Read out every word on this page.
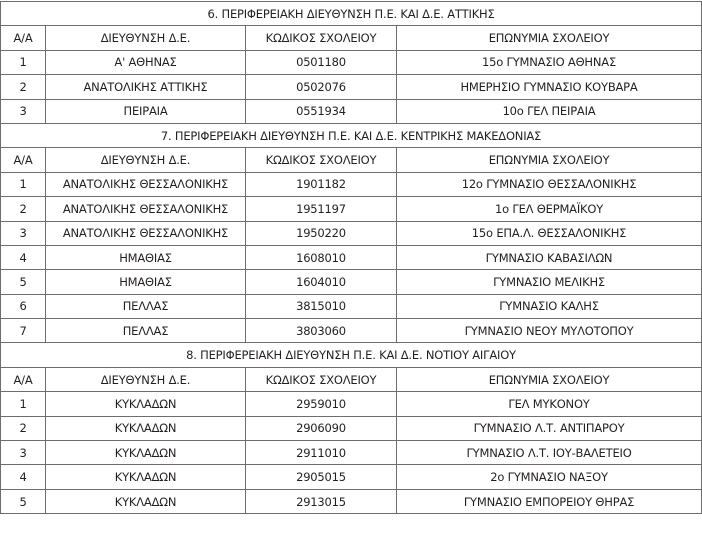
6. ΠΕΡΙΦΕΡΕΙΑΚΗ ΔΙΕΥΘΥΝΣΗ Π.Ε. ΚΑΙ Δ.Ε. ΑΤΤΙΚΗΣ			
Α/Α	ΔΙΕΥΘΥΝΣΗ Δ.Ε.	ΚΩΔΙΚΟΣ ΣΧΟΛΕΙΟΥ	ΕΠΩΝΥΜΙΑ ΣΧΟΛΕΙΟΥ
1	Α' ΑΘΗΝΑΣ	0501180	15ο ΓΥΜΝΑΣΙΟ ΑΘΗΝΑΣ
2	ΑΝΑΤΟΛΙΚΗΣ ΑΤΤΙΚΗΣ	0502076	ΗΜΕΡΗΣΙΟ ΓΥΜΝΑΣΙΟ ΚΟΥΒΑΡΑ
3	ΠΕΙΡΑΙΑ	0551934	10ο ΓΕΛ ΠΕΙΡΑΙΑ
7. ΠΕΡΙΦΕΡΕΙΑΚΗ ΔΙΕΥΘΥΝΣΗ Π.Ε. ΚΑΙ Δ.Ε. ΚΕΝΤΡΙΚΗΣ ΜΑΚΕΔΟΝΙΑΣ			
Α/Α	ΔΙΕΥΘΥΝΣΗ Δ.Ε.	ΚΩΔΙΚΟΣ ΣΧΟΛΕΙΟΥ	ΕΠΩΝΥΜΙΑ ΣΧΟΛΕΙΟΥ
1	ΑΝΑΤΟΛΙΚΗΣ ΘΕΣΣΑΛΟΝΙΚΗΣ	1901182	12ο ΓΥΜΝΑΣΙΟ ΘΕΣΣΑΛΟΝΙΚΗΣ
2	ΑΝΑΤΟΛΙΚΗΣ ΘΕΣΣΑΛΟΝΙΚΗΣ	1951197	1ο ΓΕΛ ΘΕΡΜΑΪΚΟΥ
3	ΑΝΑΤΟΛΙΚΗΣ ΘΕΣΣΑΛΟΝΙΚΗΣ	1950220	15ο ΕΠΑ.Λ. ΘΕΣΣΑΛΟΝΙΚΗΣ
4	ΗΜΑΘΙΑΣ	1608010	ΓΥΜΝΑΣΙΟ ΚΑΒΑΣΙΛΩΝ
5	ΗΜΑΘΙΑΣ	1604010	ΓΥΜΝΑΣΙΟ ΜΕΛΙΚΗΣ
6	ΠΕΛΛΑΣ	3815010	ΓΥΜΝΑΣΙΟ ΚΑΛΗΣ
7	ΠΕΛΛΑΣ	3803060	ΓΥΜΝΑΣΙΟ ΝΕΟΥ ΜΥΛΟΤΟΠΟΥ
8. ΠΕΡΙΦΕΡΕΙΑΚΗ ΔΙΕΥΘΥΝΣΗ Π.Ε. ΚΑΙ Δ.Ε. ΝΟΤΙΟΥ ΑΙΓΑΙΟΥ			
Α/Α	ΔΙΕΥΘΥΝΣΗ Δ.Ε.	ΚΩΔΙΚΟΣ ΣΧΟΛΕΙΟΥ	ΕΠΩΝΥΜΙΑ ΣΧΟΛΕΙΟΥ
1	ΚΥΚΛΑΔΩΝ	2959010	ΓΕΛ ΜΥΚΟΝΟΥ
2	ΚΥΚΛΑΔΩΝ	2906090	ΓΥΜΝΑΣΙΟ Λ.Τ. ΑΝΤΙΠΑΡΟΥ
3	ΚΥΚΛΑΔΩΝ	2911010	ΓΥΜΝΑΣΙΟ Λ.Τ. ΙΟΥ-ΒΑΛΕΤΕΙΟ
4	ΚΥΚΛΑΔΩΝ	2905015	2ο ΓΥΜΝΑΣΙΟ ΝΑΞΟΥ
5	ΚΥΚΛΑΔΩΝ	2913015	ΓΥΜΝΑΣΙΟ ΕΜΠΟΡΕΙΟΥ ΘΗΡΑΣ
